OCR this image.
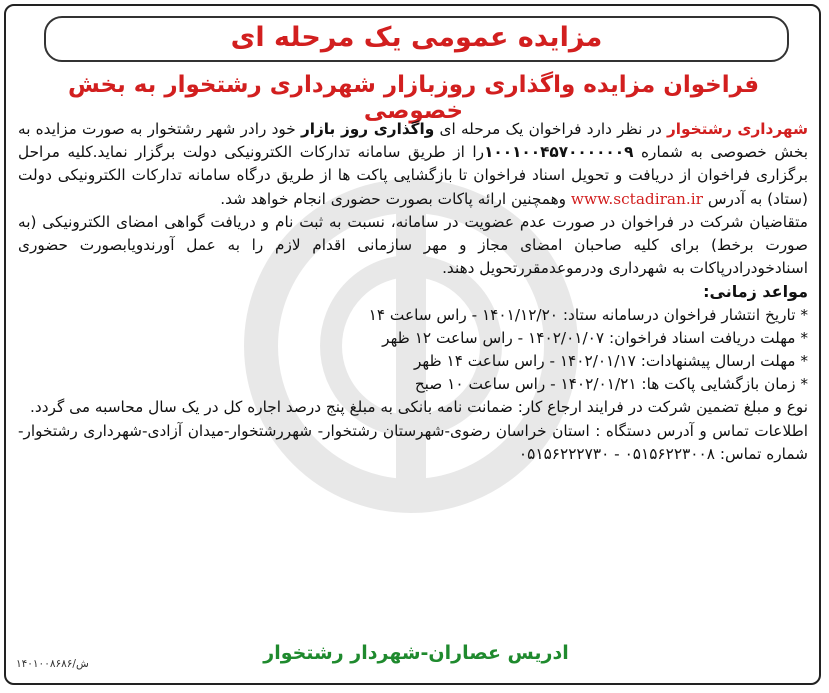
مزایده عمومی یک مرحله ای
فراخوان مزایده واگذاری روزبازار شهرداری رشتخوار به بخش خصوصی

شهرداری رشتخوار در نظر دارد فراخوان یک مرحله ای واگذاری روز بازار خود رادر شهر رشتخوار به صورت مزایده به بخش خصوصی به شماره ۱۰۰۱۰۰۴۵۷۰۰۰۰۰۰۹را از طریق سامانه تدارکات الکترونیکی دولت برگزار نماید.کلیه مراحل برگزاری فراخوان از دریافت و تحویل اسناد فراخوان تا بازگشایی پاکت ها از طریق درگاه سامانه تدارکات الکترونیکی دولت (ستاد) به آدرس www.sctadiran.ir وهمچنین ارائه پاکات بصورت حضوری انجام خواهد شد.

متقاضیان شرکت در فراخوان در صورت عدم عضویت در سامانه، نسبت به ثبت نام و دریافت گواهی امضای الکترونیکی (به صورت برخط) برای کلیه صاحبان امضای مجاز و مهر سازمانی اقدام لازم را به عمل آورندویابصورت حضوری اسنادخودرادرپاکات به شهرداری ودرموعدمقررتحویل دهند.

مواعد زمانی:

* تاریخ انتشار فراخوان درسامانه ستاد: ۱۴۰۱/۱۲/۲۰ - راس ساعت ۱۴

* مهلت دریافت اسناد فراخوان: ۱۴۰۲/۰۱/۰۷ - راس ساعت ۱۲ ظهر

* مهلت ارسال پیشنهادات: ۱۴۰۲/۰۱/۱۷ - راس ساعت ۱۴ ظهر

* زمان بازگشایی پاکت ها: ۱۴۰۲/۰۱/۲۱ - راس ساعت ۱۰ صبح

نوع و مبلغ تضمین شرکت در فرایند ارجاع کار: ضمانت نامه بانکی به مبلغ پنج درصد اجاره کل در یک سال محاسبه می گردد.

اطلاعات تماس و آدرس دستگاه : استان خراسان رضوی-شهرستان رشتخوار- شهررشتخوار-میدان آزادی-شهرداری رشتخوار- شماره تماس: ۰۵۱۵۶۲۲۳۰۰۸ - ۰۵۱۵۶۲۲۲۷۳۰

ادریس عصاران-شهردار رشتخوار
۱۴۰۱۰۰۸۶۸۶/ش
